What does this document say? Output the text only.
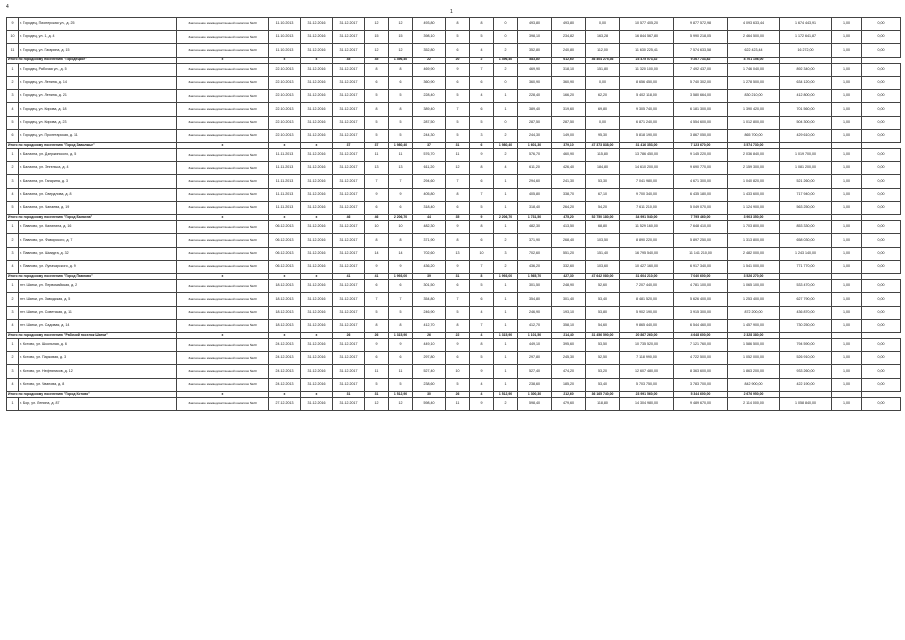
4
1
9	г. Городец, Пионерская ул., д. 25	Заключение межведомственной комиссии №20	11.10.2013	31.12.2016	31.12.2017	12	12	493,80	8	8	0	493,80	493,80	0,00	10 577 405,20	9 877 572,98	4 093 633,44	1 674 443,91	1,00	0,00
10	г. Городец, ул. 1, д. 4	Заключение межведомственной комиссии №20	11.10.2013	31.12.2016	31.12.2017	15	15	398,10	5	5	0	398,10	234,82	163,28	16 844 567,80	5 990 218,05	2 464 500,00	1 172 641,87	1,00	0,00
11	г. Городец, ул. Гагарина, д. 15	Заключение межведомственной комиссии №20	11.10.2013	31.12.2016	31.12.2017	12	12	352,80	6	4	2	352,80	240,80	112,00	11 630 225,41	7 574 633,58	622 423,44	16 272,00	1,00	0,00
Итого по городскому поселению "Городецкое"		х	х	х	45	45	1 496,40	22	20	2	1 496,40	883,80	612,60	46 404 275,36	23 475 073,32	9 267 733,82	8 701 156,00			
1	г. Городец, Рабочая ул., д. 5	Заключение межведомственной комиссии №20	22.10.2013	31.12.2016	31.12.2017	8	8	469,90	9	7	2	469,90	318,10	151,80	11 320 100,00	7 492 437,00	1 746 040,00	892 340,00	1,00	0,00
2	г. Городец, ул. Ленина, д. 14	Заключение межведомственной комиссии №20	22.10.2013	31.12.2016	31.12.2017	6	6	360,90	6	6	0	360,90	360,90	0,00	8 656 450,00	5 740 302,00	1 278 500,00	634 120,00	1,00	0,00
3	г. Городец, ул. Ленина, д. 21	Заключение межведомственной комиссии №20	22.10.2013	31.12.2016	31.12.2017	5	5	228,40	5	4	1	228,40	166,20	62,20	5 402 118,00	3 580 664,00	830 210,00	412 800,00	1,00	0,00
4	г. Городец, ул. Кирова, д. 18	Заключение межведомственной комиссии №20	22.10.2013	31.12.2016	31.12.2017	8	8	389,40	7	6	1	389,40	319,60	69,80	9 305 740,00	6 181 300,00	1 390 420,00	701 560,00	1,00	0,00
5	г. Городец, ул. Кирова, д. 23	Заключение межведомственной комиссии №20	22.10.2013	31.12.2016	31.12.2017	5	5	287,50	5	5	0	287,50	287,50	0,00	6 871 240,00	4 554 600,00	1 012 800,00	504 300,00	1,00	0,00
6	г. Городец, ул. Пролетарская, д. 11	Заключение межведомственной комиссии №20	22.10.2013	31.12.2016	31.12.2017	5	5	244,30	5	3	2	244,30	149,00	95,30	5 818 190,00	3 867 050,00	865 700,00	429 610,00	1,00	0,00
Итого по городскому поселению "Город Заволжье"		х	х	х	37	37	1 980,40	37	31	6	1 980,40	1 601,30	379,10	47 373 838,00	31 416 353,00	7 123 670,00	3 574 730,00			
1	г. Балахна, ул. Дзержинского, д. 5	Заключение межведомственной комиссии №20	11.11.2013	31.12.2016	31.12.2017	11	11	576,70	11	9	2	576,70	460,90	115,80	13 786 450,00	9 145 220,00	2 036 840,00	1 019 700,00	1,00	0,00
2	г. Балахна, ул. Энгельса, д. 4	Заключение межведомственной комиссии №20	11.11.2013	31.12.2016	31.12.2017	13	13	611,20	12	8	4	611,20	426,40	184,80	14 610 200,00	9 690 770,00	2 159 300,00	1 081 200,00	1,00	0,00
3	г. Балахна, ул. Гагарина, д. 3	Заключение межведомственной комиссии №20	11.11.2013	31.12.2016	31.12.2017	7	7	294,60	7	6	1	294,60	241,30	53,30	7 041 980,00	4 671 300,00	1 040 820,00	521 260,00	1,00	0,00
4	г. Балахна, ул. Свердлова, д. 8	Заключение межведомственной комиссии №20	11.11.2013	31.12.2016	31.12.2017	9	9	405,80	8	7	1	405,80	338,70	67,10	9 700 340,00	6 435 180,00	1 433 600,00	717 940,00	1,00	0,00
5	г. Балахна, ул. Чапаева, д. 19	Заключение межведомственной комиссии №20	11.11.2013	31.12.2016	31.12.2017	6	6	318,40	6	5	1	318,40	264,20	54,20	7 611 210,00	5 049 070,00	1 124 900,00	563 250,00	1,00	0,00
Итого по городскому поселению "Город Балахна"		х	х	х	46	46	2 206,70	44	35	9	2 206,70	1 731,50	475,20	52 750 180,00	34 991 540,00	7 795 460,00	3 903 350,00			
1	г. Павлово, ул. Калинина, д. 16	Заключение межведомственной комиссии №20	06.12.2013	31.12.2016	31.12.2017	10	10	482,30	9	8	1	482,30	413,50	68,80	11 529 160,00	7 648 410,00	1 703 800,00	853 330,00	1,00	0,00
2	г. Павлово, ул. Фаворского, д. 7	Заключение межведомственной комиссии №20	06.12.2013	31.12.2016	31.12.2017	8	8	371,90	8	6	2	371,90	268,40	103,50	8 890 220,00	5 897 250,00	1 313 800,00	658 030,00	1,00	0,00
3	г. Павлово, ул. Шмидта, д. 32	Заключение межведомственной комиссии №20	06.12.2013	31.12.2016	31.12.2017	14	14	702,60	13	10	3	702,60	551,20	151,40	16 795 540,00	11 141 210,00	2 482 000,00	1 243 140,00	1,00	0,00
4	г. Павлово, ул. Луначарского, д. 9	Заключение межведомственной комиссии №20	06.12.2013	31.12.2016	31.12.2017	9	9	436,20	9	7	2	436,20	332,60	103,60	10 427 160,00	6 917 340,00	1 541 000,00	771 770,00	1,00	0,00
Итого по городскому поселению "Город Павлово"		х	х	х	41	41	1 993,00	39	31	8	1 993,00	1 565,70	427,30	47 642 080,00	31 604 210,00	7 040 600,00	3 526 270,00			
1	пгт. Шатки, ул. Первомайская, д. 2	Заключение межведомственной комиссии №20	18.12.2013	31.12.2016	31.12.2017	6	6	301,50	6	5	1	301,50	248,90	52,60	7 207 440,00	4 781 100,00	1 065 100,00	533 470,00	1,00	0,00
2	пгт. Шатки, ул. Заводская, д. 5	Заключение межведомственной комиссии №20	18.12.2013	31.12.2016	31.12.2017	7	7	354,80	7	6	1	354,80	301,40	53,40	8 481 520,00	5 626 400,00	1 253 400,00	627 790,00	1,00	0,00
3	пгт. Шатки, ул. Советская, д. 11	Заключение межведомственной комиссии №20	18.12.2013	31.12.2016	31.12.2017	5	5	246,90	5	4	1	246,90	193,10	53,80	5 902 190,00	3 915 300,00	872 200,00	436 870,00	1,00	0,00
4	пгт. Шатки, ул. Садовая, д. 14	Заключение межведомственной комиссии №20	18.12.2013	31.12.2016	31.12.2017	8	8	412,70	8	7	1	412,70	358,10	54,60	9 865 440,00	6 544 460,00	1 457 900,00	730 250,00	1,00	0,00
Итого по городскому поселению "Рабочий поселок Шатки"		х	х	х	26	26	1 315,90	26	22	4	1 315,90	1 101,50	214,40	31 456 590,00	20 867 260,00	4 648 600,00	2 328 380,00			
1	г. Кстово, ул. Школьная, д. 6	Заключение межведомственной комиссии №20	24.12.2013	31.12.2016	31.12.2017	9	9	449,10	9	8	1	449,10	395,60	53,50	10 735 520,00	7 121 760,00	1 586 500,00	794 590,00	1,00	0,00
2	г. Кстово, ул. Парковая, д. 3	Заключение межведомственной комиссии №20	24.12.2013	31.12.2016	31.12.2017	6	6	297,80	6	5	1	297,80	245,30	52,50	7 118 990,00	4 722 500,00	1 052 000,00	526 910,00	1,00	0,00
3	г. Кстово, ул. Нефтяников, д. 12	Заключение межведомственной комиссии №20	24.12.2013	31.12.2016	31.12.2017	11	11	527,40	10	9	1	527,40	474,20	53,20	12 607 480,00	8 363 600,00	1 863 200,00	933 260,00	1,00	0,00
4	г. Кстово, ул. Чванова, д. 8	Заключение межведомственной комиссии №20	24.12.2013	31.12.2016	31.12.2017	5	5	238,60	5	4	1	238,60	185,20	53,40	5 703 750,00	3 783 700,00	842 900,00	422 190,00	1,00	0,00
Итого по городскому поселению "Город Кстово"		х	х	х	31	31	1 512,90	30	26	4	1 512,90	1 300,30	212,60	36 165 740,00	23 991 560,00	5 344 600,00	2 676 950,00			
1	г. Бор, ул. Ленина, д. 87	Заключение межведомственной комиссии №20	27.12.2013	31.12.2016	31.12.2017	12	12	598,40	11	9	2	598,40	479,60	118,80	14 304 980,00	9 489 670,00	2 114 000,00	1 058 840,00	1,00	0,00
